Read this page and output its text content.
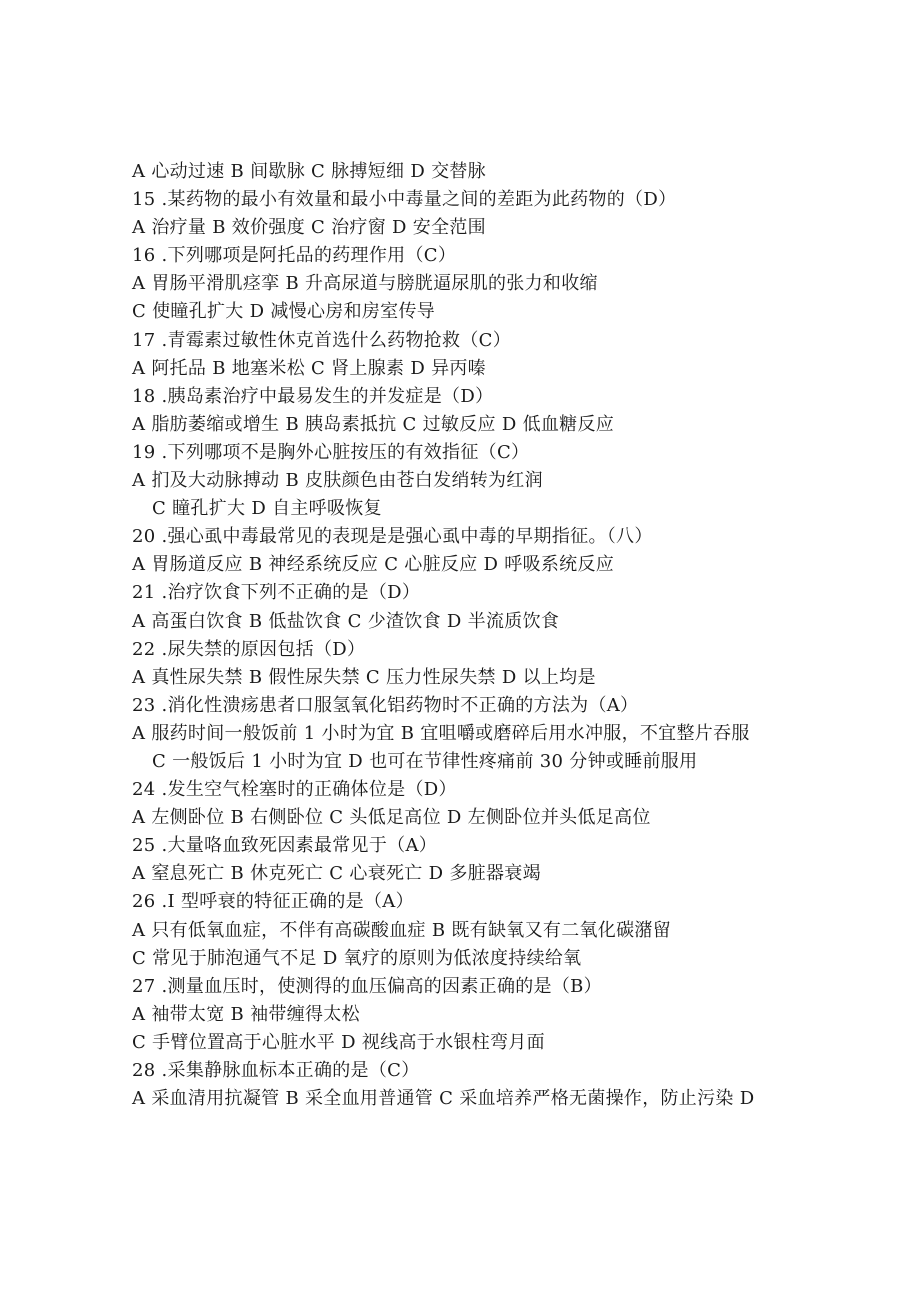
A 心动过速 B 间歇脉 C 脉搏短细 D 交替脉
15 .某药物的最小有效量和最小中毒量之间的差距为此药物的（D）
A 治疗量 B 效价强度 C 治疗窗 D 安全范围
16 .下列哪项是阿托品的药理作用（C）
A 胃肠平滑肌痉挛 B 升高尿道与膀胱逼尿肌的张力和收缩
C 使瞳孔扩大 D 减慢心房和房室传导
17 .青霉素过敏性休克首选什么药物抢救（C）
A 阿托品 B 地塞米松 C 肾上腺素 D 异丙嗪
18 .胰岛素治疗中最易发生的并发症是（D）
A 脂肪萎缩或增生 B 胰岛素抵抗 C 过敏反应 D 低血糖反应
19 .下列哪项不是胸外心脏按压的有效指征（C）
A 扪及大动脉搏动 B 皮肤颜色由苍白发绡转为红润
C 瞳孔扩大 D 自主呼吸恢复
20 .强心虱中毒最常见的表现是是强心虱中毒的早期指征。（八）
A 胃肠道反应 B 神经系统反应 C 心脏反应 D 呼吸系统反应
21 .治疗饮食下列不正确的是（D）
A 高蛋白饮食 B 低盐饮食 C 少渣饮食 D 半流质饮食
22 .尿失禁的原因包括（D）
A 真性尿失禁 B 假性尿失禁 C 压力性尿失禁 D 以上均是
23 .消化性溃疡患者口服氢氧化铝药物时不正确的方法为（A）
A 服药时间一般饭前 1 小时为宜 B 宜咀嚼或磨碎后用水冲服，不宜整片吞服
C 一般饭后 1 小时为宜 D 也可在节律性疼痛前 30 分钟或睡前服用
24 .发生空气栓塞时的正确体位是（D）
A 左侧卧位 B 右侧卧位 C 头低足高位 D 左侧卧位并头低足高位
25 .大量咯血致死因素最常见于（A）
A 窒息死亡 B 休克死亡 C 心衰死亡 D 多脏器衰竭
26 .I 型呼衰的特征正确的是（A）
A 只有低氧血症，不伴有高碳酸血症 B 既有缺氧又有二氧化碳潴留
C 常见于肺泡通气不足 D 氧疗的原则为低浓度持续给氧
27 .测量血压时，使测得的血压偏高的因素正确的是（B）
A 袖带太宽 B 袖带缠得太松
C 手臂位置高于心脏水平 D 视线高于水银柱弯月面
28 .采集静脉血标本正确的是（C）
A 采血清用抗凝管 B 采全血用普通管 C 采血培养严格无菌操作，防止污染 D
